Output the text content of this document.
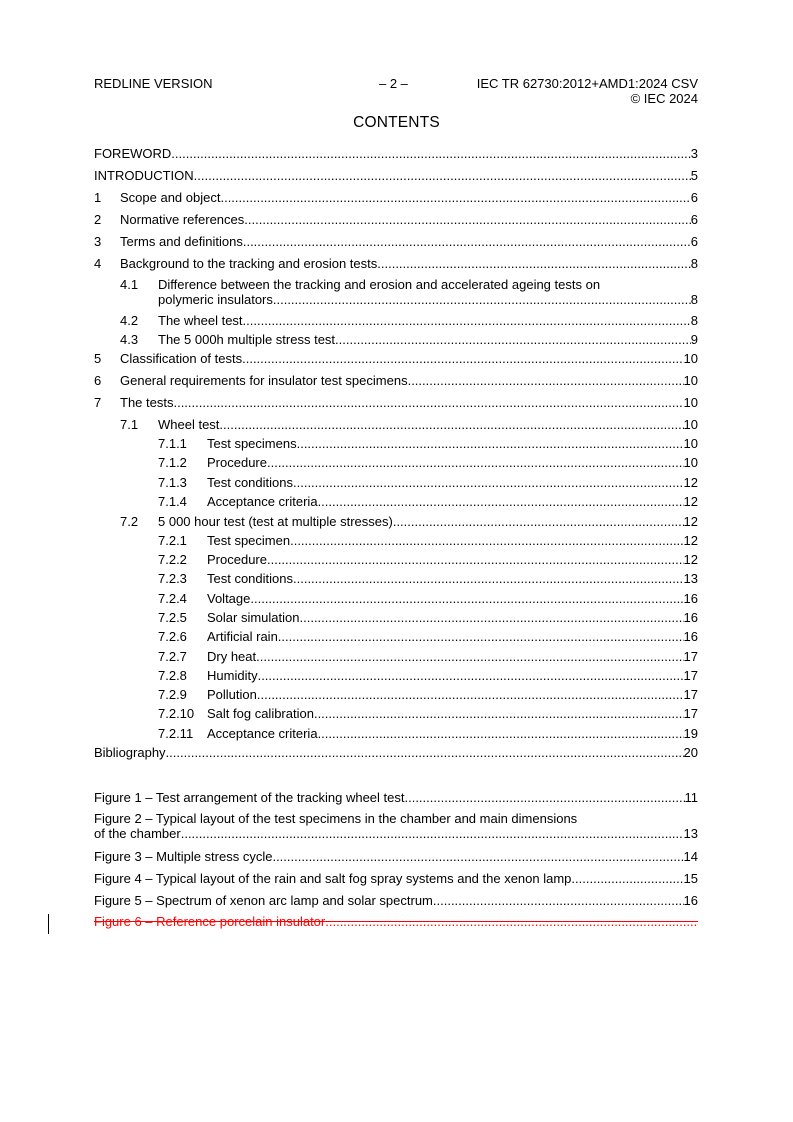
REDLINE VERSION	– 2 –	IEC TR 62730:2012+AMD1:2024 CSV
© IEC 2024
CONTENTS
FOREWORD .....	3
INTRODUCTION .....	5
1	Scope and object .....	6
2	Normative references .....	6
3	Terms and definitions .....	6
4	Background to the tracking and erosion tests .....	8
4.1 Difference between the tracking and erosion and accelerated ageing tests on
polymeric insulators .....	8
4.2	The wheel test .....	8
4.3	The 5 000h multiple stress test .....	9
5	Classification of tests .....	10
6	General requirements for insulator test specimens .....	10
7	The tests .....	10
7.1	Wheel test .....	10
7.1.1	Test specimens .....	10
7.1.2	Procedure .....	10
7.1.3	Test conditions .....	12
7.1.4	Acceptance criteria .....	12
7.2	5 000 hour test (test at multiple stresses) .....	12
7.2.1	Test specimen .....	12
7.2.2	Procedure .....	12
7.2.3	Test conditions .....	13
7.2.4	Voltage .....	16
7.2.5	Solar simulation .....	16
7.2.6	Artificial rain .....	16
7.2.7	Dry heat .....	17
7.2.8	Humidity .....	17
7.2.9	Pollution .....	17
7.2.10 Salt fog calibration .....	17
7.2.11	Acceptance criteria .....	19
Bibliography .....	20
Figure 1 – Test arrangement of the tracking wheel test .....	11
Figure 2 – Typical layout of the test specimens in the chamber and main dimensions
of the chamber .....	13
Figure 3 – Multiple stress cycle .....	14
Figure 4 – Typical layout of the rain and salt fog spray systems and the xenon lamp .....	15
Figure 5 – Spectrum of xenon arc lamp and solar spectrum .....	16
Figure 6 – Reference porcelain insulator
.....
